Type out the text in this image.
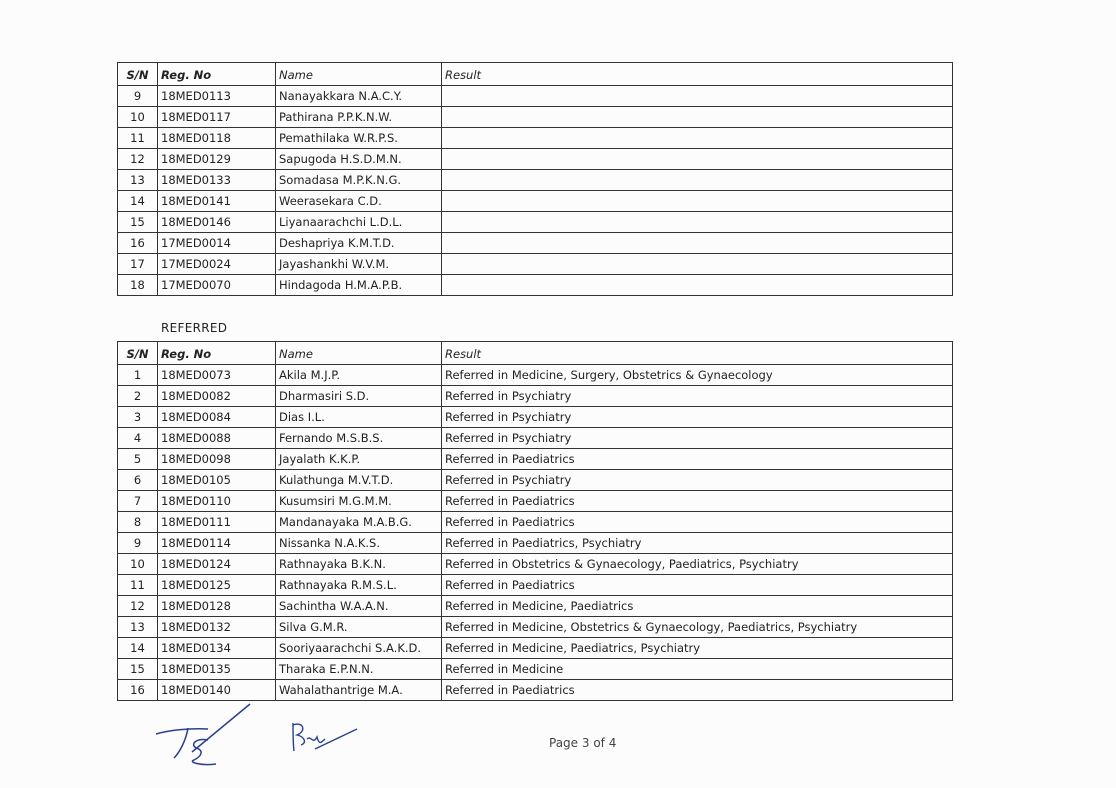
S/N	Reg. No	Name	Result
9	18MED0113	Nanayakkara N.A.C.Y.	
10	18MED0117	Pathirana P.P.K.N.W.	
11	18MED0118	Pemathilaka W.R.P.S.	
12	18MED0129	Sapugoda H.S.D.M.N.	
13	18MED0133	Somadasa M.P.K.N.G.	
14	18MED0141	Weerasekara C.D.	
15	18MED0146	Liyanaarachchi L.D.L.	
16	17MED0014	Deshapriya K.M.T.D.	
17	17MED0024	Jayashankhi W.V.M.	
18	17MED0070	Hindagoda H.M.A.P.B.	
REFERRED
S/N	Reg. No	Name	Result
1	18MED0073	Akila M.J.P.	Referred in Medicine, Surgery, Obstetrics & Gynaecology
2	18MED0082	Dharmasiri S.D.	Referred in Psychiatry
3	18MED0084	Dias I.L.	Referred in Psychiatry
4	18MED0088	Fernando M.S.B.S.	Referred in Psychiatry
5	18MED0098	Jayalath K.K.P.	Referred in Paediatrics
6	18MED0105	Kulathunga M.V.T.D.	Referred in Psychiatry
7	18MED0110	Kusumsiri M.G.M.M.	Referred in Paediatrics
8	18MED0111	Mandanayaka M.A.B.G.	Referred in Paediatrics
9	18MED0114	Nissanka N.A.K.S.	Referred in Paediatrics, Psychiatry
10	18MED0124	Rathnayaka B.K.N.	Referred in Obstetrics & Gynaecology, Paediatrics, Psychiatry
11	18MED0125	Rathnayaka R.M.S.L.	Referred in Paediatrics
12	18MED0128	Sachintha W.A.A.N.	Referred in Medicine, Paediatrics
13	18MED0132	Silva G.M.R.	Referred in Medicine, Obstetrics & Gynaecology, Paediatrics, Psychiatry
14	18MED0134	Sooriyaarachchi S.A.K.D.	Referred in Medicine, Paediatrics, Psychiatry
15	18MED0135	Tharaka E.P.N.N.	Referred in Medicine
16	18MED0140	Wahalathantrige M.A.	Referred in Paediatrics
Page 3 of 4
